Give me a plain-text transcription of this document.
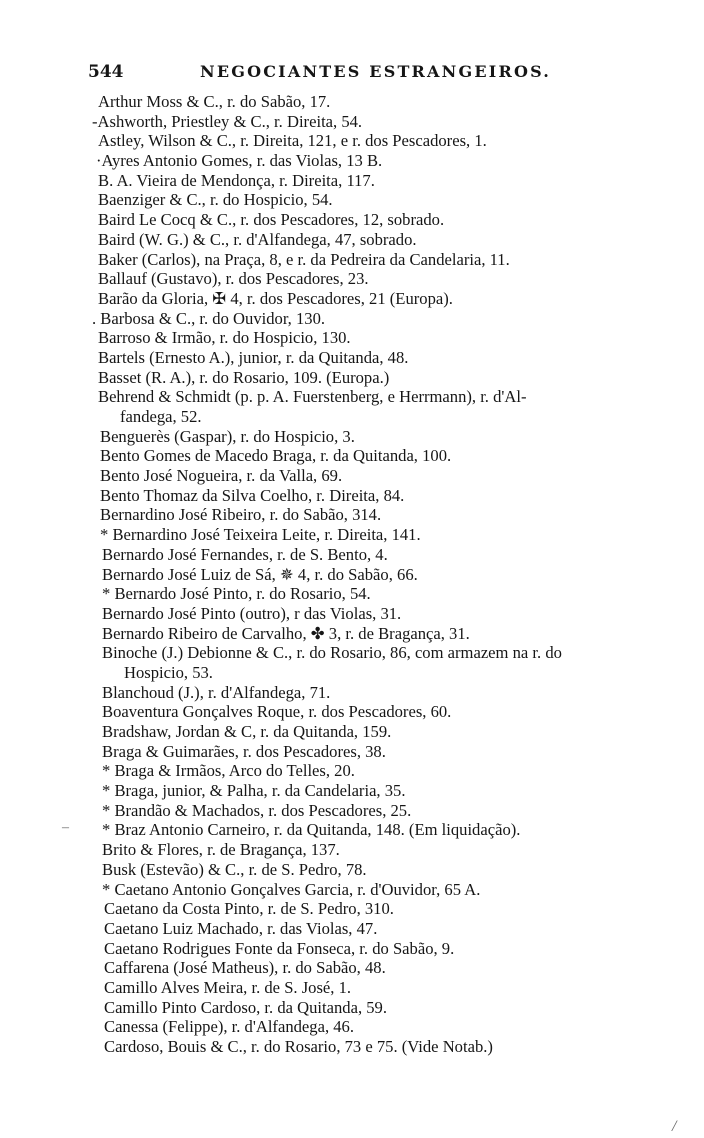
544	NEGOCIANTES ESTRANGEIROS.
Arthur Moss & C., r. do Sabão, 17.
-Ashworth, Priestley & C., r. Direita, 54.
Astley, Wilson & C., r. Direita, 121, e r. dos Pescadores, 1.
·Ayres Antonio Gomes, r. das Violas, 13 B.
B. A. Vieira de Mendonça, r. Direita, 117.
Baenziger & C., r. do Hospicio, 54.
Baird Le Cocq & C., r. dos Pescadores, 12, sobrado.
Baird (W. G.) & C., r. d'Alfandega, 47, sobrado.
Baker (Carlos), na Praça, 8, e r. da Pedreira da Candelaria, 11.
Ballauf (Gustavo), r. dos Pescadores, 23.
Barão da Gloria, ✠ 4, r. dos Pescadores, 21 (Europa).
. Barbosa & C., r. do Ouvidor, 130.
Barroso & Irmão, r. do Hospicio, 130.
Bartels (Ernesto A.), junior, r. da Quitanda, 48.
Basset (R. A.), r. do Rosario, 109. (Europa.)
Behrend & Schmidt (p. p. A. Fuerstenberg, e Herrmann), r. d'Al-
fandega, 52.
Benguerès (Gaspar), r. do Hospicio, 3.
Bento Gomes de Macedo Braga, r. da Quitanda, 100.
Bento José Nogueira, r. da Valla, 69.
Bento Thomaz da Silva Coelho, r. Direita, 84.
Bernardino José Ribeiro, r. do Sabão, 314.
* Bernardino José Teixeira Leite, r. Direita, 141.
Bernardo José Fernandes, r. de S. Bento, 4.
Bernardo José Luiz de Sá, ✵ 4, r. do Sabão, 66.
* Bernardo José Pinto, r. do Rosario, 54.
Bernardo José Pinto (outro), r das Violas, 31.
Bernardo Ribeiro de Carvalho, ✤ 3, r. de Bragança, 31.
Binoche (J.) Debionne & C., r. do Rosario, 86, com armazem na r. do
Hospicio, 53.
Blanchoud (J.), r. d'Alfandega, 71.
Boaventura Gonçalves Roque, r. dos Pescadores, 60.
Bradshaw, Jordan & C, r. da Quitanda, 159.
Braga & Guimarães, r. dos Pescadores, 38.
* Braga & Irmãos, Arco do Telles, 20.
* Braga, junior, & Palha, r. da Candelaria, 35.
* Brandão & Machados, r. dos Pescadores, 25.
* Braz Antonio Carneiro, r. da Quitanda, 148. (Em liquidação).
Brito & Flores, r. de Bragança, 137.
Busk (Estevão) & C., r. de S. Pedro, 78.
* Caetano Antonio Gonçalves Garcia, r. d'Ouvidor, 65 A.
Caetano da Costa Pinto, r. de S. Pedro, 310.
Caetano Luiz Machado, r. das Violas, 47.
Caetano Rodrigues Fonte da Fonseca, r. do Sabão, 9.
Caffarena (José Matheus), r. do Sabão, 48.
Camillo Alves Meira, r. de S. José, 1.
Camillo Pinto Cardoso, r. da Quitanda, 59.
Canessa (Felippe), r. d'Alfandega, 46.
Cardoso, Bouis & C., r. do Rosario, 73 e 75. (Vide Notab.)
–
/
